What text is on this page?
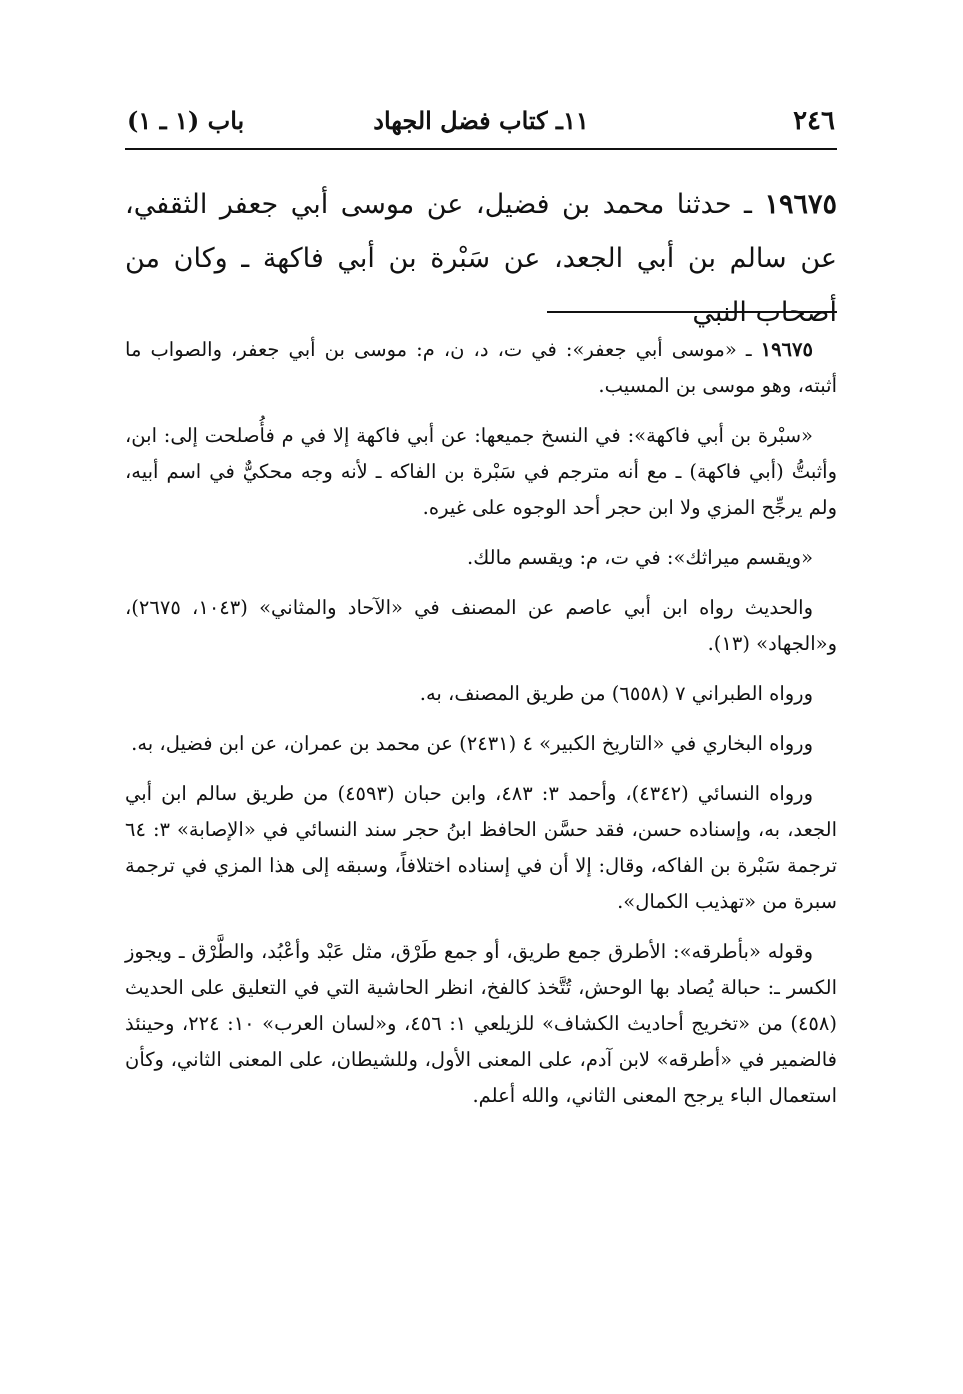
٢٤٦
١١ـ كتاب فضل الجهاد
باب (١ ـ ١)
١٩٦٧٥ ـ حدثنا محمد بن فضيل، عن موسى أبي جعفر الثقفي، عن سالم بن أبي الجعد، عن سَبْرة بن أبي فاكهة ـ وكان من أصحاب النبي

١٩٦٧٥ ـ «موسى أبي جعفر»: في ت، د، ن، م: موسى بن أبي جعفر، والصواب ما أثبته، وهو موسى بن المسيب.

«سبْرة بن أبي فاكهة»: في النسخ جميعها: عن أبي فاكهة إلا في م فأُصلحت إلى: ابن، وأثبتُّ (أبي فاكهة) ـ مع أنه مترجم في سَبْرة بن الفاكه ـ لأنه وجه محكيٌّ في اسم أبيه، ولم يرجِّح المزي ولا ابن حجر أحد الوجوه على غيره.

«ويقسم ميراثك»: في ت، م: ويقسم مالك.

والحديث رواه ابن أبي عاصم عن المصنف في «الآحاد والمثاني» (١٠٤٣، ٢٦٧٥)، و«الجهاد» (١٣).

ورواه الطبراني ٧ (٦٥٥٨) من طريق المصنف، به.

ورواه البخاري في «التاريخ الكبير» ٤ (٢٤٣١) عن محمد بن عمران، عن ابن فضيل، به.

ورواه النسائي (٤٣٤٢)، وأحمد ٣: ٤٨٣، وابن حبان (٤٥٩٣) من طريق سالم ابن أبي الجعد، به، وإسناده حسن، فقد حسَّن الحافظ ابنُ حجر سند النسائي في «الإصابة» ٣: ٦٤ ترجمة سَبْرة بن الفاكه، وقال: إلا أن في إسناده اختلافاً، وسبقه إلى هذا المزي في ترجمة سبرة من «تهذيب الكمال».

وقوله «بأطرقه»: الأطرق جمع طريق، أو جمع طَرْق، مثل عَبْد وأعْبُد، والطَّرْق ـ ويجوز الكسر ـ: حبالة يُصاد بها الوحش، تُتَّخذ كالفخ، انظر الحاشية التي في التعليق على الحديث (٤٥٨) من «تخريج أحاديث الكشاف» للزيلعي ١: ٤٥٦، و«لسان العرب» ١٠: ٢٢٤، وحينئذ فالضمير في «أطرقه» لابن آدم، على المعنى الأول، وللشيطان، على المعنى الثاني، وكأن استعمال الباء يرجح المعنى الثاني، والله أعلم.
